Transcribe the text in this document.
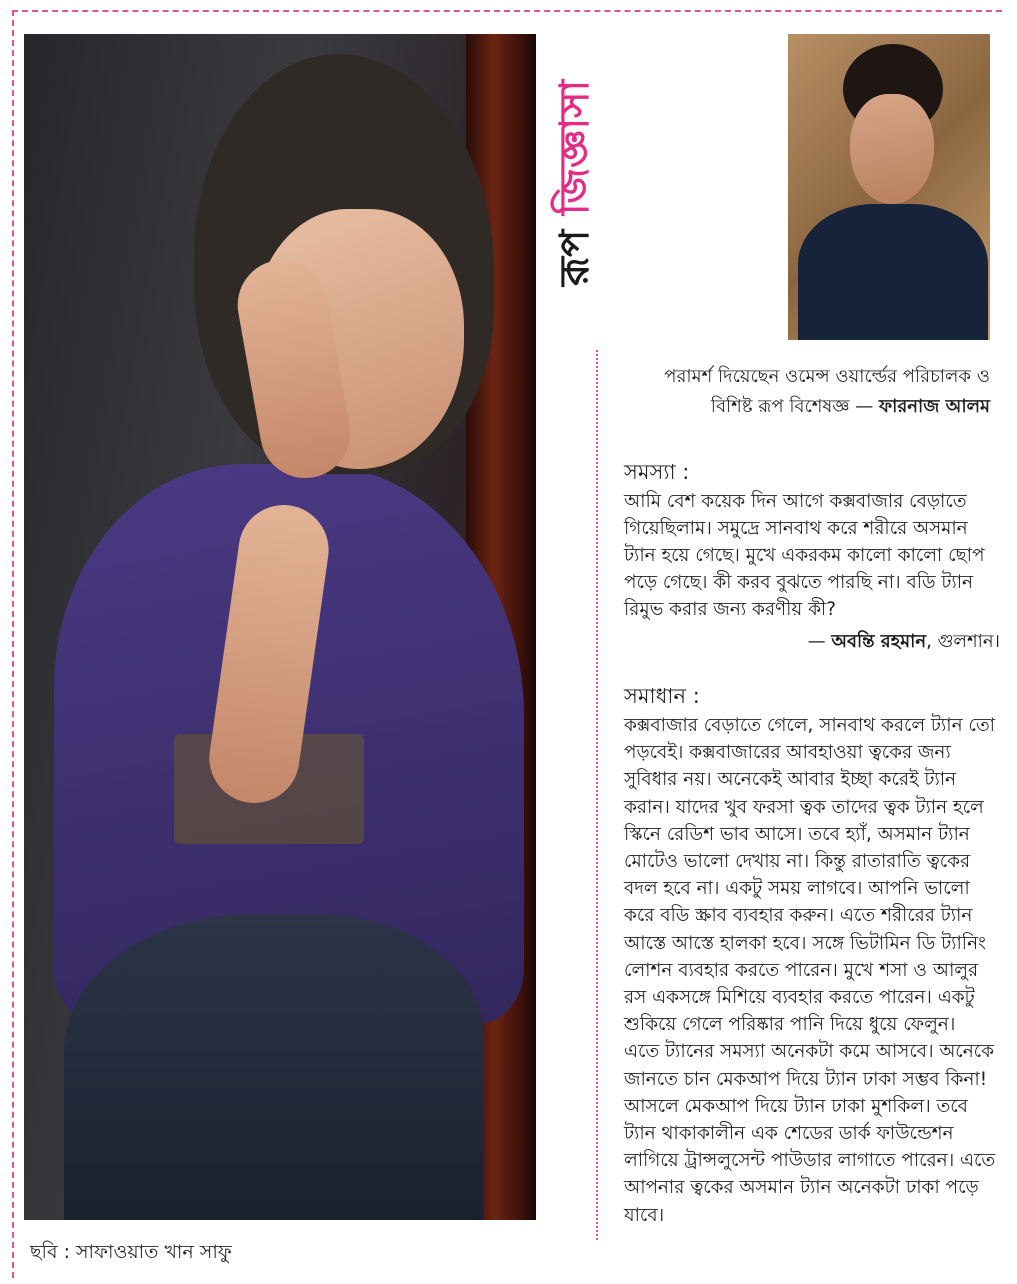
ছবি : সাফাওয়াত খান সাফু
রূপ
জিজ্ঞাসা
পরামর্শ দিয়েছেন ওমেন্স ওয়ার্ল্ডের পরিচালক ও
বিশিষ্ট রূপ বিশেষজ্ঞ — ফারনাজ আলম
সমস্যা :
আমি বেশ কয়েক দিন আগে কক্সবাজার বেড়াতে গিয়েছিলাম। সমুদ্রে সানবাথ করে শরীরে অসমান ট্যান হয়ে গেছে। মুখে একরকম কালো কালো ছোপ পড়ে গেছে। কী করব বুঝতে পারছি না। বডি ট্যান রিমুভ করার জন্য করণীয় কী?
— অবন্তি রহমান, গুলশান।
সমাধান :
কক্সবাজার বেড়াতে গেলে, সানবাথ করলে ট্যান তো পড়বেই। কক্সবাজারের আবহাওয়া ত্বকের জন্য সুবিধার নয়। অনেকেই আবার ইচ্ছা করেই ট্যান করান। যাদের খুব ফরসা ত্বক তাদের ত্বক ট্যান হলে স্কিনে রেডিশ ভাব আসে। তবে হ্যাঁ, অসমান ট্যান মোটেও ভালো দেখায় না। কিন্তু রাতারাতি ত্বকের বদল হবে না। একটু সময় লাগবে। আপনি ভালো করে বডি স্ক্রাব ব্যবহার করুন। এতে শরীরের ট্যান আস্তে আস্তে হালকা হবে। সঙ্গে ভিটামিন ডি ট্যানিং লোশন ব্যবহার করতে পারেন। মুখে শসা ও আলুর রস একসঙ্গে মিশিয়ে ব্যবহার করতে পারেন। একটু শুকিয়ে গেলে পরিষ্কার পানি দিয়ে ধুয়ে ফেলুন। এতে ট্যানের সমস্যা অনেকটা কমে আসবে। অনেকে জানতে চান মেকআপ দিয়ে ট্যান ঢাকা সম্ভব কিনা! আসলে মেকআপ দিয়ে ট্যান ঢাকা মুশকিল। তবে ট্যান থাকাকালীন এক শেডের ডার্ক ফাউন্ডেশন লাগিয়ে ট্রান্সলুসেন্ট পাউডার লাগাতে পারেন। এতে আপনার ত্বকের অসমান ট্যান অনেকটা ঢাকা পড়ে যাবে।
